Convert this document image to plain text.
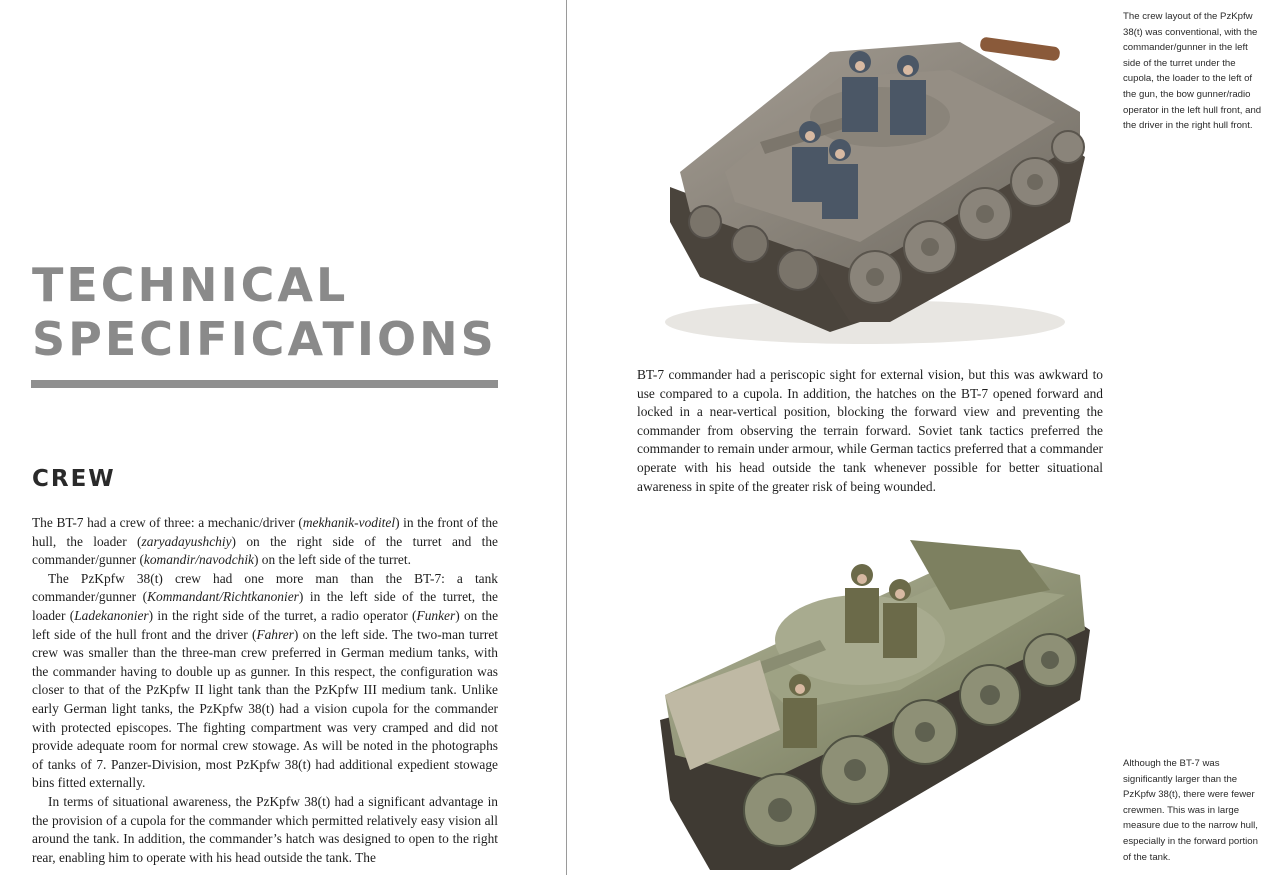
TECHNICAL
SPECIFICATIONS
CREW

The BT-7 had a crew of three: a mechanic/driver (mekhanik-voditel) in the front of the hull, the loader (zaryadayushchiy) on the right side of the turret and the commander/gunner (komandir/navodchik) on the left side of the turret.

The PzKpfw 38(t) crew had one more man than the BT-7: a tank commander/gunner (Kommandant/Richtkanonier) in the left side of the turret, the loader (Ladekanonier) in the right side of the turret, a radio operator (Funker) on the left side of the hull front and the driver (Fahrer) on the left side. The two-man turret crew was smaller than the three-man crew preferred in German medium tanks, with the commander having to double up as gunner. In this respect, the configuration was closer to that of the PzKpfw II light tank than the PzKpfw III medium tank. Unlike early German light tanks, the PzKpfw 38(t) had a vision cupola for the commander with protected episcopes. The fighting compartment was very cramped and did not provide adequate room for normal crew stowage. As will be noted in the photographs of tanks of 7. Panzer-Division, most PzKpfw 38(t) had additional expedient stowage bins fitted externally.

In terms of situational awareness, the PzKpfw 38(t) had a significant advantage in the provision of a cupola for the commander which permitted relatively easy vision all around the tank. In addition, the commander’s hatch was designed to open to the right rear, enabling him to operate with his head outside the tank. The

The crew layout of the PzKpfw 38(t) was conventional, with the commander/gunner in the left side of the turret under the cupola, the loader to the left of the gun, the bow gunner/radio operator in the left hull front, and the driver in the right hull front.

BT-7 commander had a periscopic sight for external vision, but this was awkward to use compared to a cupola. In addition, the hatches on the BT-7 opened forward and locked in a near-vertical position, blocking the forward view and preventing the commander from observing the terrain forward. Soviet tank tactics preferred the commander to remain under armour, while German tactics preferred that a commander operate with his head outside the tank whenever possible for better situational awareness in spite of the greater risk of being wounded.

Although the BT-7 was significantly larger than the PzKpfw 38(t), there were fewer crewmen. This was in large measure due to the narrow hull, especially in the forward portion of the tank.
